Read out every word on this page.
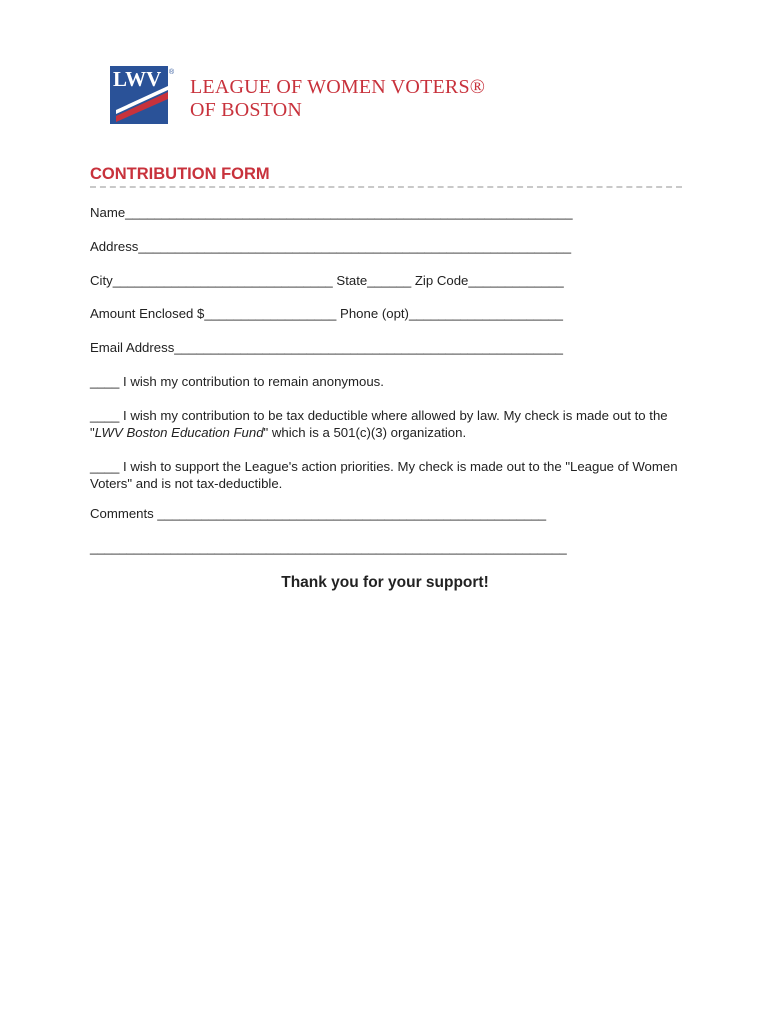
LWV ®
LEAGUE OF WOMEN VOTERS®
OF BOSTON
CONTRIBUTION FORM
Name_____________________________________________________________
Address___________________________________________________________
City______________________________ State______ Zip Code_____________
Amount Enclosed $__________________ Phone (opt)_____________________
Email Address_____________________________________________________
____ I wish my contribution to remain anonymous.
____ I wish my contribution to be tax deductible where allowed by law. My check is made out to the "LWV Boston Education Fund" which is a 501(c)(3) organization.
____ I wish to support the League's action priorities. My check is made out to the "League of Women Voters" and is not tax-deductible.
Comments _____________________________________________________
_________________________________________________________________
Thank you for your support!
